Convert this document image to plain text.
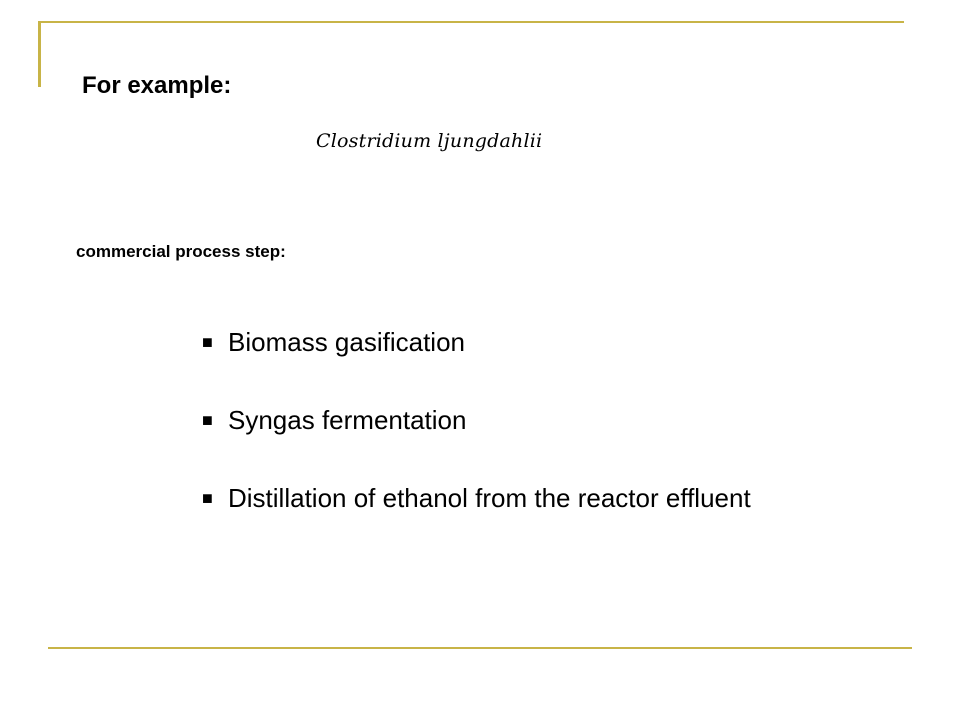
For example:
Clostridium ljungdahlii
commercial process step:
■ Biomass gasification
■ Syngas fermentation
■ Distillation of ethanol from the reactor effluent
